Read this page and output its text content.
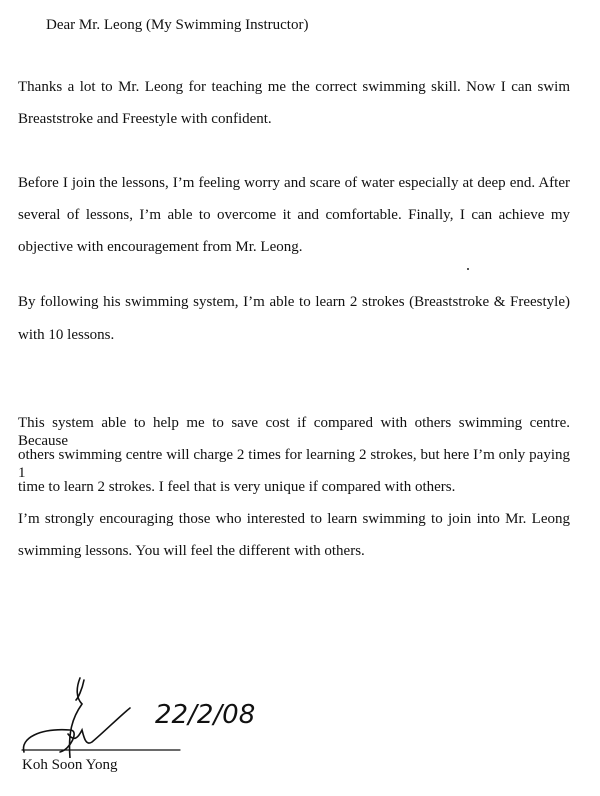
Dear Mr. Leong (My Swimming Instructor)
Thanks a lot to Mr. Leong for teaching me the correct swimming skill. Now I can swim
Breaststroke and Freestyle with confident.
Before I join the lessons, I’m feeling worry and scare of water especially at deep end. After
several of lessons, I’m able to overcome it and comfortable. Finally, I can achieve my
objective with encouragement from Mr. Leong.
By following his swimming system, I’m able to learn 2 strokes (Breaststroke & Freestyle)
with 10 lessons.
This system able to help me to save cost if compared with others swimming centre. Because
others swimming centre will charge 2 times for learning 2 strokes, but here I’m only paying 1
time to learn 2 strokes. I feel that is very unique if compared with others.
I’m strongly encouraging those who interested to learn swimming to join into Mr. Leong
swimming lessons. You will feel the different with others.
22/2/08
Koh Soon Yong
